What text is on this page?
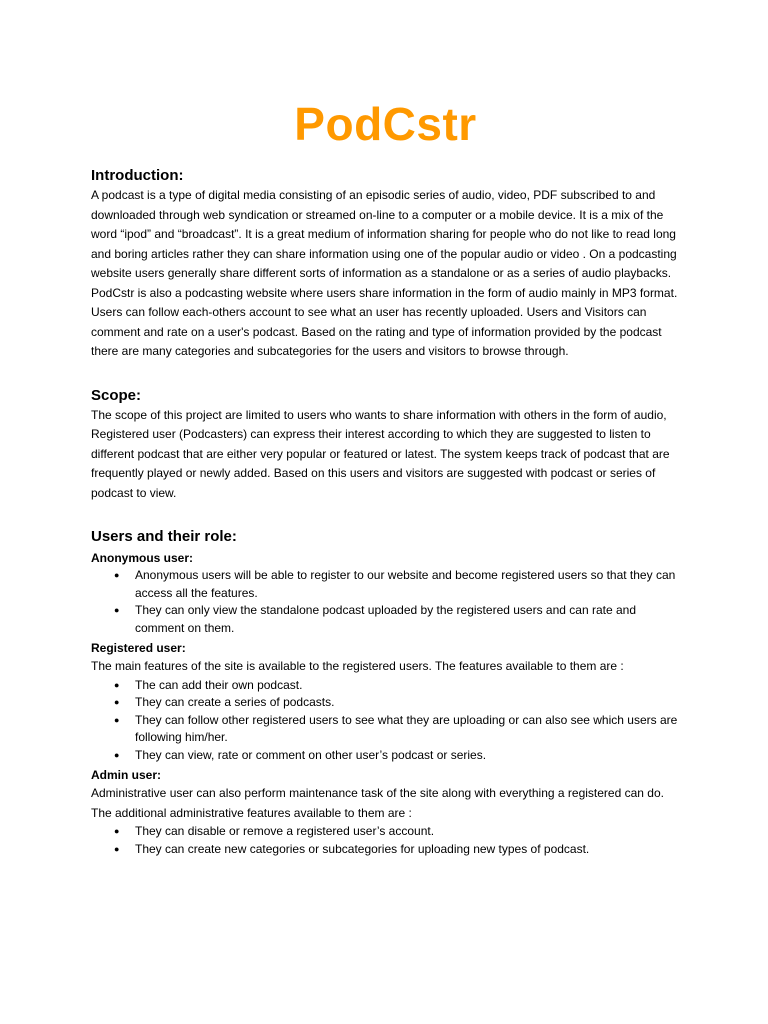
PodCstr
Introduction:

A podcast is a type of digital media consisting of an episodic series of audio, video, PDF subscribed to and downloaded through web syndication or streamed on-line to a computer or a mobile device. It is a mix of the word “ipod” and “broadcast”. It is a great medium of information sharing for people who do not like to read long and boring articles rather they can share information using one of the popular audio or video . On a podcasting website users generally share different sorts of information as a standalone or as a series of audio playbacks.

PodCstr is also a podcasting website where users share information in the form of audio mainly in MP3 format. Users can follow each-others account to see what an user has recently uploaded. Users and Visitors can comment and rate on a user's podcast. Based on the rating and type of information provided by the podcast there are many categories and subcategories for the users and visitors to browse through.

Scope:

The scope of this project are limited to users who wants to share information with others in the form of audio, Registered user (Podcasters) can express their interest according to which they are suggested to listen to different podcast that are either very popular or featured or latest. The system keeps track of podcast that are frequently played or newly added. Based on this users and visitors are suggested with podcast or series of podcast to view.

Users and their role:
Anonymous user:
● Anonymous users will be able to register to our website and become registered users so that they can access all the features.
● They can only view the standalone podcast uploaded by the registered users and can rate and comment on them.
Registered user:

The main features of the site is available to the registered users. The features available to them are :

● The can add their own podcast.
● They can create a series of podcasts.
● They can follow other registered users to see what they are uploading or can also see which users are following him/her.
● They can view, rate or comment on other user’s podcast or series.
Admin user:

Administrative user can also perform maintenance task of the site along with everything a registered can do. The additional administrative features available to them are :

● They can disable or remove a registered user’s account.
● They can create new categories or subcategories for uploading new types of podcast.
